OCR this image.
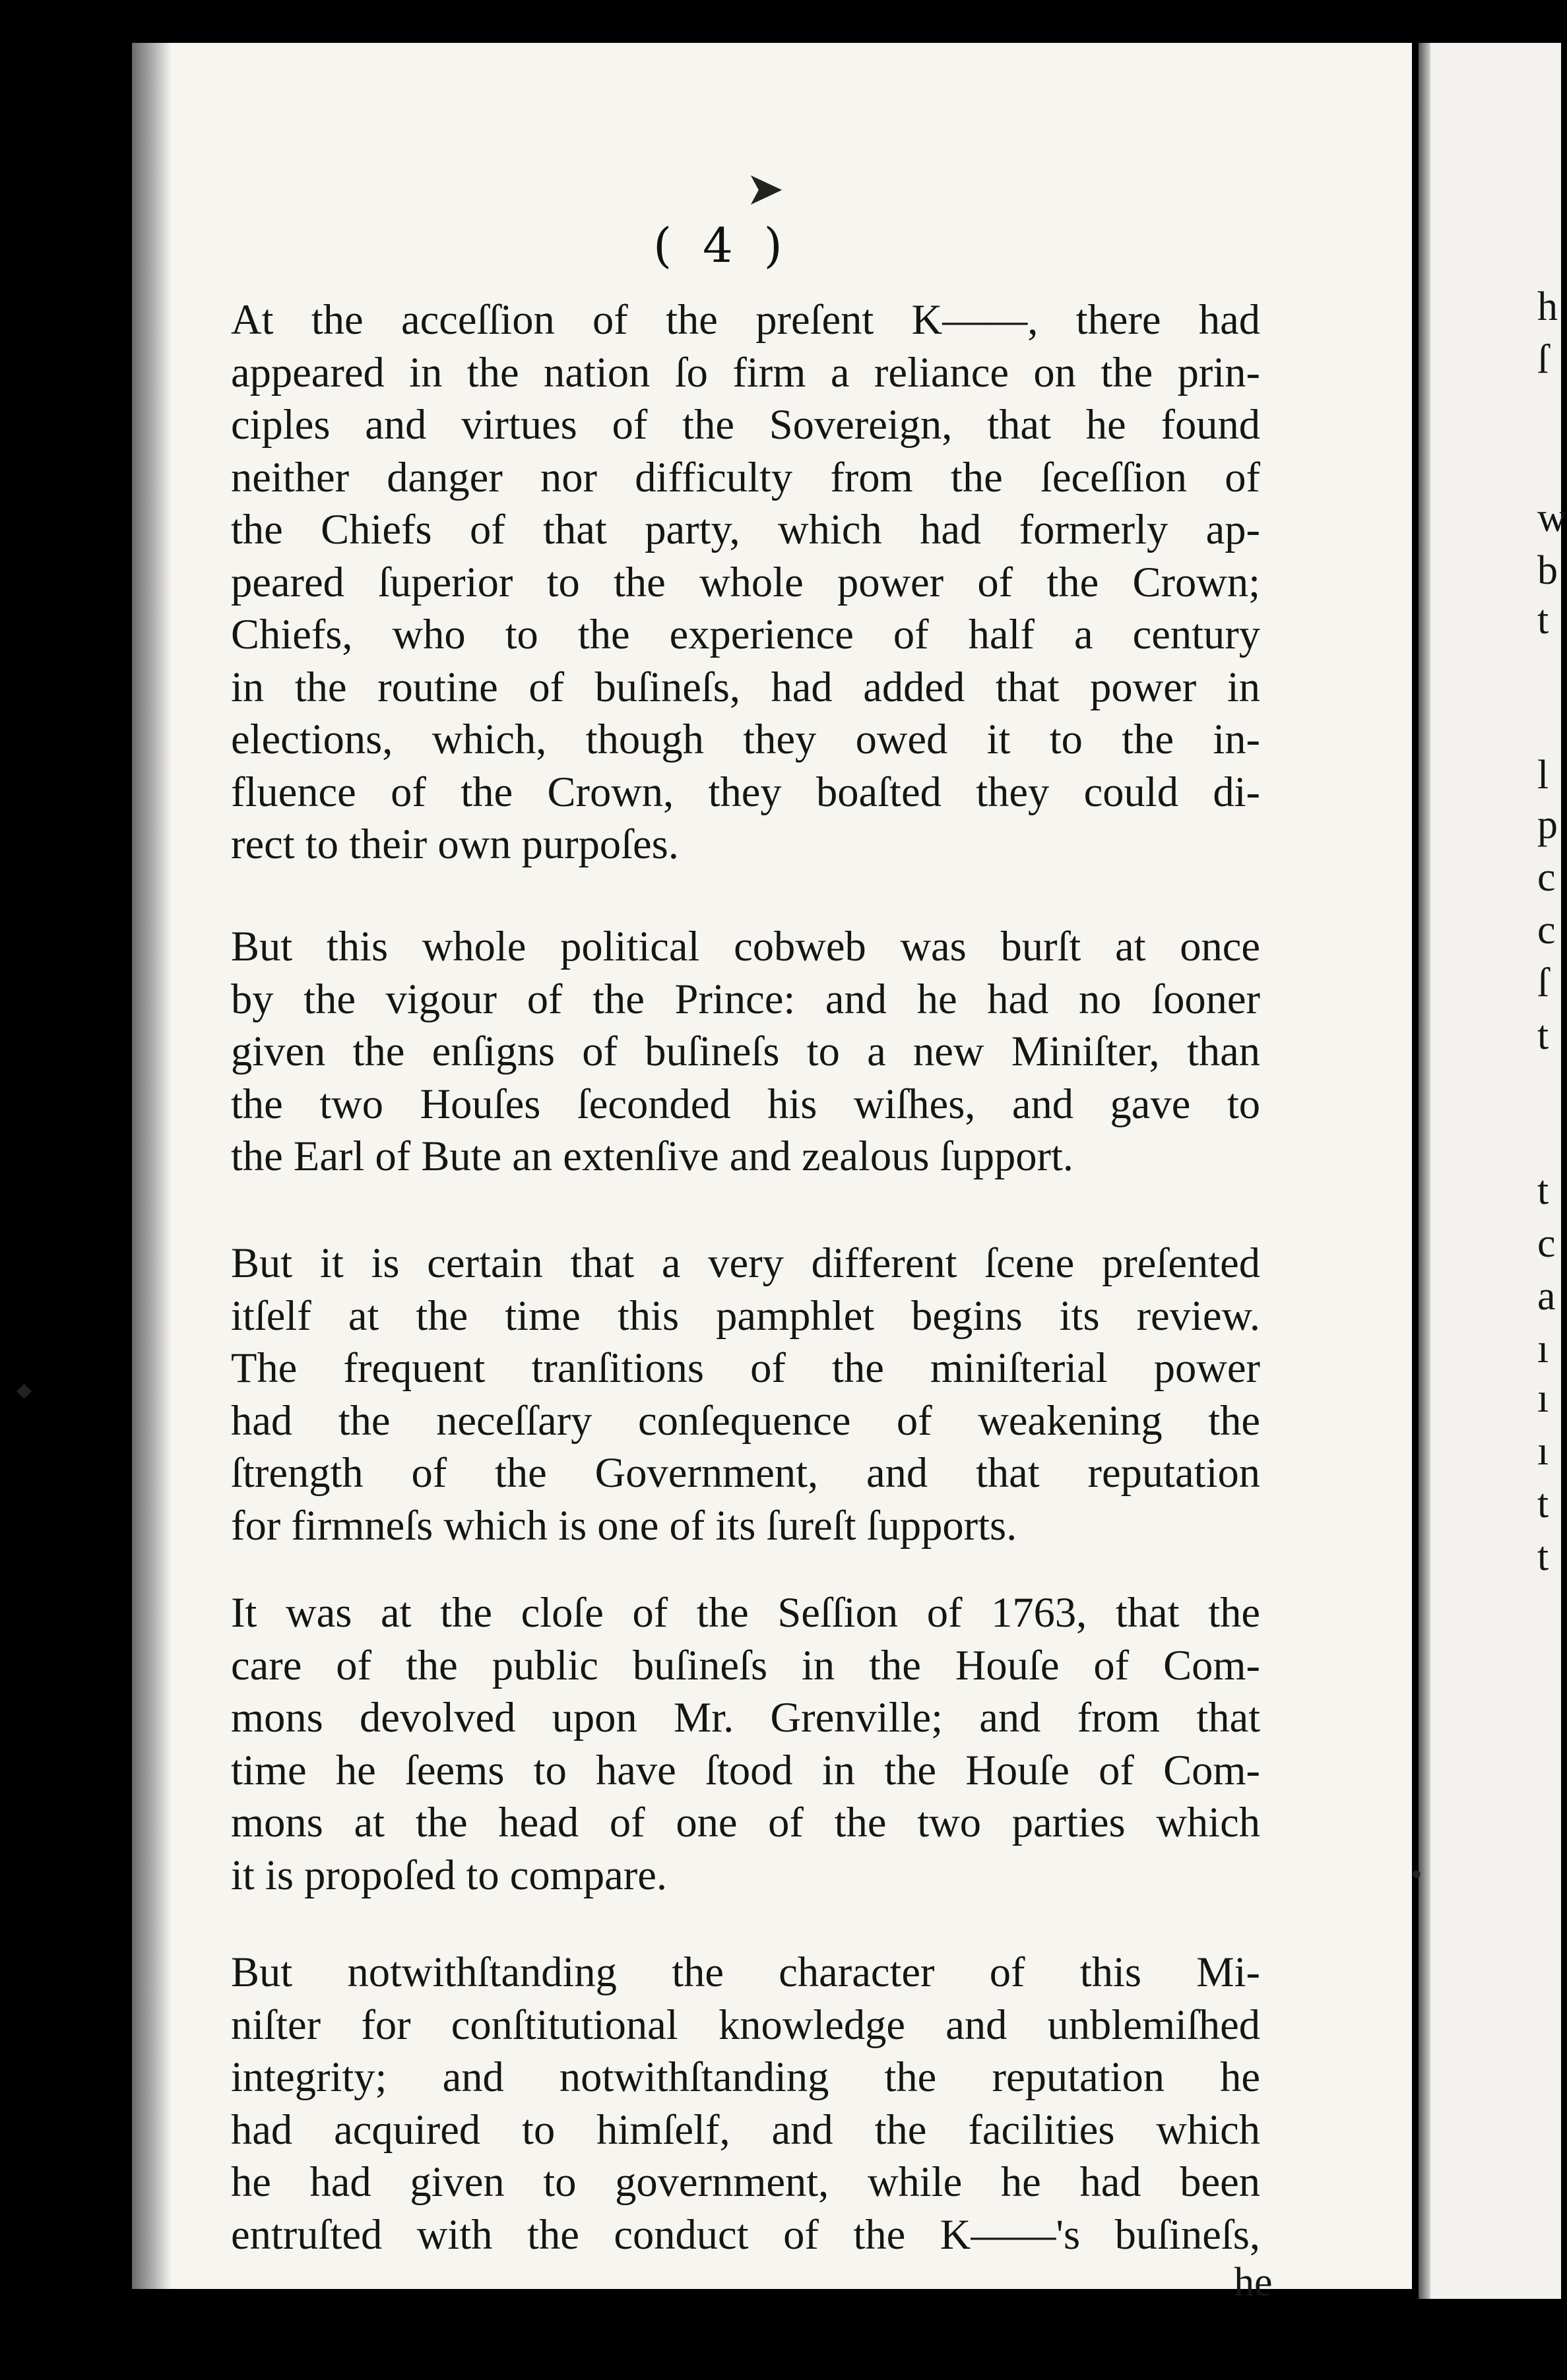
➤
( 4 )
At the acceſſion of the preſent K——, there had
appeared in the nation ſo firm a reliance on the prin-
ciples and virtues of the Sovereign, that he found
neither danger nor difficulty from the ſeceſſion of
the Chiefs of that party, which had formerly ap-
peared ſuperior to the whole power of the Crown;
Chiefs, who to the experience of half a century
in the routine of buſineſs, had added that power in
elections, which, though they owed it to the in-
fluence of the Crown, they boaſted they could di-
rect to their own purpoſes.
But this whole political cobweb was burſt at once
by the vigour of the Prince: and he had no ſooner
given the enſigns of buſineſs to a new Miniſter, than
the two Houſes ſeconded his wiſhes, and gave to
the Earl of Bute an extenſive and zealous ſupport.
But it is certain that a very different ſcene preſented
itſelf at the time this pamphlet begins its review.
The frequent tranſitions of the miniſterial power
had the neceſſary conſequence of weakening the
ſtrength of the Government, and that reputation
for firmneſs which is one of its ſureſt ſupports.
It was at the cloſe of the Seſſion of 1763, that the
care of the public buſineſs in the Houſe of Com-
mons devolved upon Mr. Grenville; and from that
time he ſeems to have ſtood in the Houſe of Com-
mons at the head of one of the two parties which
it is propoſed to compare.
But notwithſtanding the character of this Mi-
niſter for conſtitutional knowledge and unblemiſhed
integrity; and notwithſtanding the reputation he
had acquired to himſelf, and the facilities which
he had given to government, while he had been
entruſted with the conduct of the K——'s buſineſs,
he
h
ſ
w
b
t
l
p
c
c
ſ
t
t
c
a
ı
ı
ı
t
t
•
◆
